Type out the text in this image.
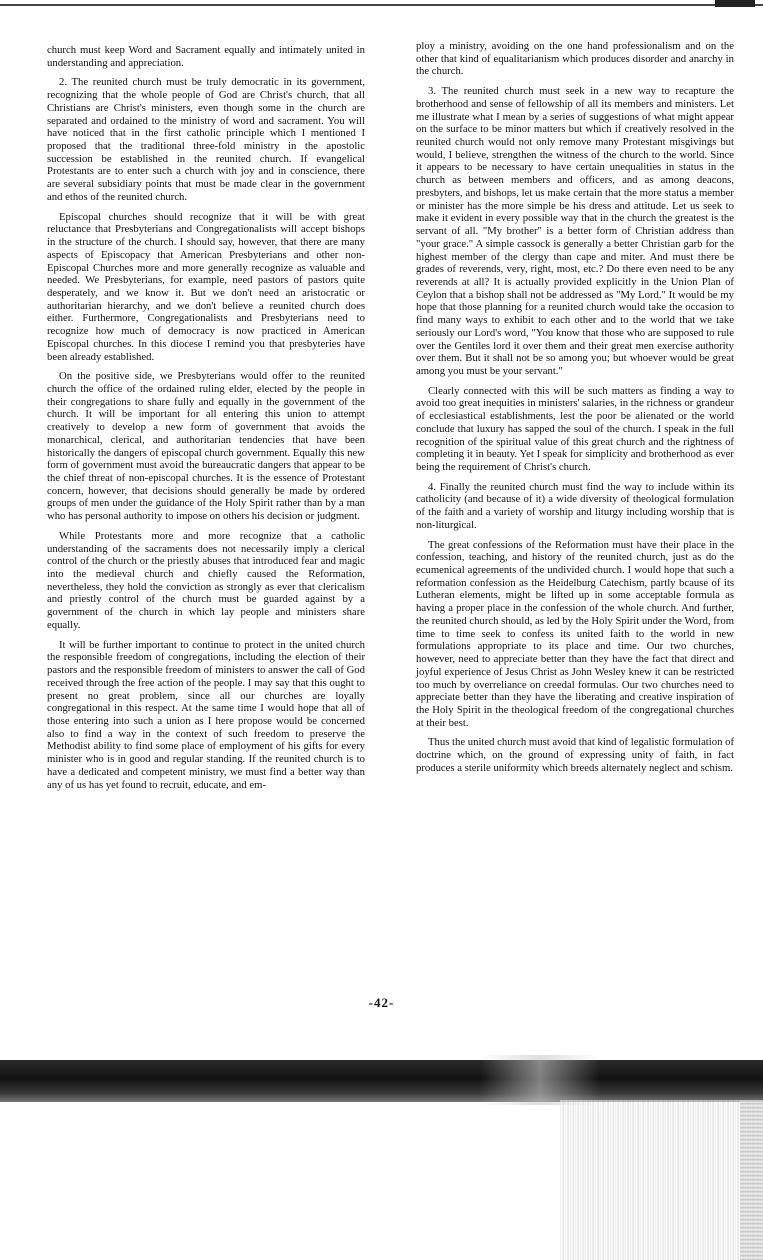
church must keep Word and Sacrament equally and intimately united in understanding and appreciation.

2. The reunited church must be truly democratic in its government, recognizing that the whole people of God are Christ's church, that all Christians are Christ's ministers, even though some in the church are separated and ordained to the ministry of word and sacrament. You will have noticed that in the first catholic principle which I mentioned I proposed that the traditional three-fold ministry in the apostolic succession be established in the reunited church. If evangelical Protestants are to enter such a church with joy and in conscience, there are several subsidiary points that must be made clear in the government and ethos of the reunited church.

Episcopal churches should recognize that it will be with great reluctance that Presbyterians and Congregationalists will accept bishops in the structure of the church. I should say, however, that there are many aspects of Episcopacy that American Presbyterians and other non-Episcopal Churches more and more generally recognize as valuable and needed. We Presbyterians, for example, need pastors of pastors quite desperately, and we know it. But we don't need an aristocratic or authoritarian hierarchy, and we don't believe a reunited church does either. Furthermore, Congregationalists and Presbyterians need to recognize how much of democracy is now practiced in American Episcopal churches. In this diocese I remind you that presbyteries have been already established.

On the positive side, we Presbyterians would offer to the reunited church the office of the ordained ruling elder, elected by the people in their congregations to share fully and equally in the government of the church. It will be important for all entering this union to attempt creatively to develop a new form of government that avoids the monarchical, clerical, and authoritarian tendencies that have been historically the dangers of episcopal church government. Equally this new form of government must avoid the bureaucratic dangers that appear to be the chief threat of non-episcopal churches. It is the essence of Protestant concern, however, that decisions should generally be made by ordered groups of men under the guidance of the Holy Spirit rather than by a man who has personal authority to impose on others his decision or judgment.

While Protestants more and more recognize that a catholic understanding of the sacraments does not necessarily imply a clerical control of the church or the priestly abuses that introduced fear and magic into the medieval church and chiefly caused the Reformation, nevertheless, they hold the conviction as strongly as ever that clericalism and priestly control of the church must be guarded against by a government of the church in which lay people and ministers share equally.

It will be further important to continue to protect in the united church the responsible freedom of congregations, including the election of their pastors and the responsible freedom of ministers to answer the call of God received through the free action of the people. I may say that this ought to present no great problem, since all our churches are loyally congregational in this respect. At the same time I would hope that all of those entering into such a union as I here propose would be concerned also to find a way in the context of such freedom to preserve the Methodist ability to find some place of employment of his gifts for every minister who is in good and regular standing. If the reunited church is to have a dedicated and competent ministry, we must find a better way than any of us has yet found to recruit, educate, and em-

ploy a ministry, avoiding on the one hand professionalism and on the other that kind of equalitarianism which produces disorder and anarchy in the church.

3. The reunited church must seek in a new way to recapture the brotherhood and sense of fellowship of all its members and ministers. Let me illustrate what I mean by a series of suggestions of what might appear on the surface to be minor matters but which if creatively resolved in the reunited church would not only remove many Protestant misgivings but would, I believe, strengthen the witness of the church to the world. Since it appears to be necessary to have certain unequalities in status in the church as between members and officers, and as among deacons, presbyters, and bishops, let us make certain that the more status a member or minister has the more simple be his dress and attitude. Let us seek to make it evident in every possible way that in the church the greatest is the servant of all. "My brother" is a better form of Christian address than "your grace." A simple cassock is generally a better Christian garb for the highest member of the clergy than cape and miter. And must there be grades of reverends, very, right, most, etc.? Do there even need to be any reverends at all? It is actually provided explicitly in the Union Plan of Ceylon that a bishop shall not be addressed as "My Lord." It would be my hope that those planning for a reunited church would take the occasion to find many ways to exhibit to each other and to the world that we take seriously our Lord's word, "You know that those who are supposed to rule over the Gentiles lord it over them and their great men exercise authority over them. But it shall not be so among you; but whoever would be great among you must be your servant."

Clearly connected with this will be such matters as finding a way to avoid too great inequities in ministers' salaries, in the richness or grandeur of ecclesiastical establishments, lest the poor be alienated or the world conclude that luxury has sapped the soul of the church. I speak in the full recognition of the spiritual value of this great church and the rightness of completing it in beauty. Yet I speak for simplicity and brotherhood as ever being the requirement of Christ's church.

4. Finally the reunited church must find the way to include within its catholicity (and because of it) a wide diversity of theological formulation of the faith and a variety of worship and liturgy including worship that is non-liturgical.

The great confessions of the Reformation must have their place in the confession, teaching, and history of the reunited church, just as do the ecumenical agreements of the undivided church. I would hope that such a reformation confession as the Heidelburg Catechism, partly bcause of its Lutheran elements, might be lifted up in some acceptable formula as having a proper place in the confession of the whole church. And further, the reunited church should, as led by the Holy Spirit under the Word, from time to time seek to confess its united faith to the world in new formulations appropriate to its place and time. Our two churches, however, need to appreciate better than they have the fact that direct and joyful experience of Jesus Christ as John Wesley knew it can be restricted too much by overreliance on creedal formulas. Our two churches need to appreciate better than they have the liberating and creative inspiration of the Holy Spirit in the theological freedom of the congregational churches at their best.

Thus the united church must avoid that kind of legalistic formulation of doctrine which, on the ground of expressing unity of faith, in fact produces a sterile uniformity which breeds alternately neglect and schism.

-42-
